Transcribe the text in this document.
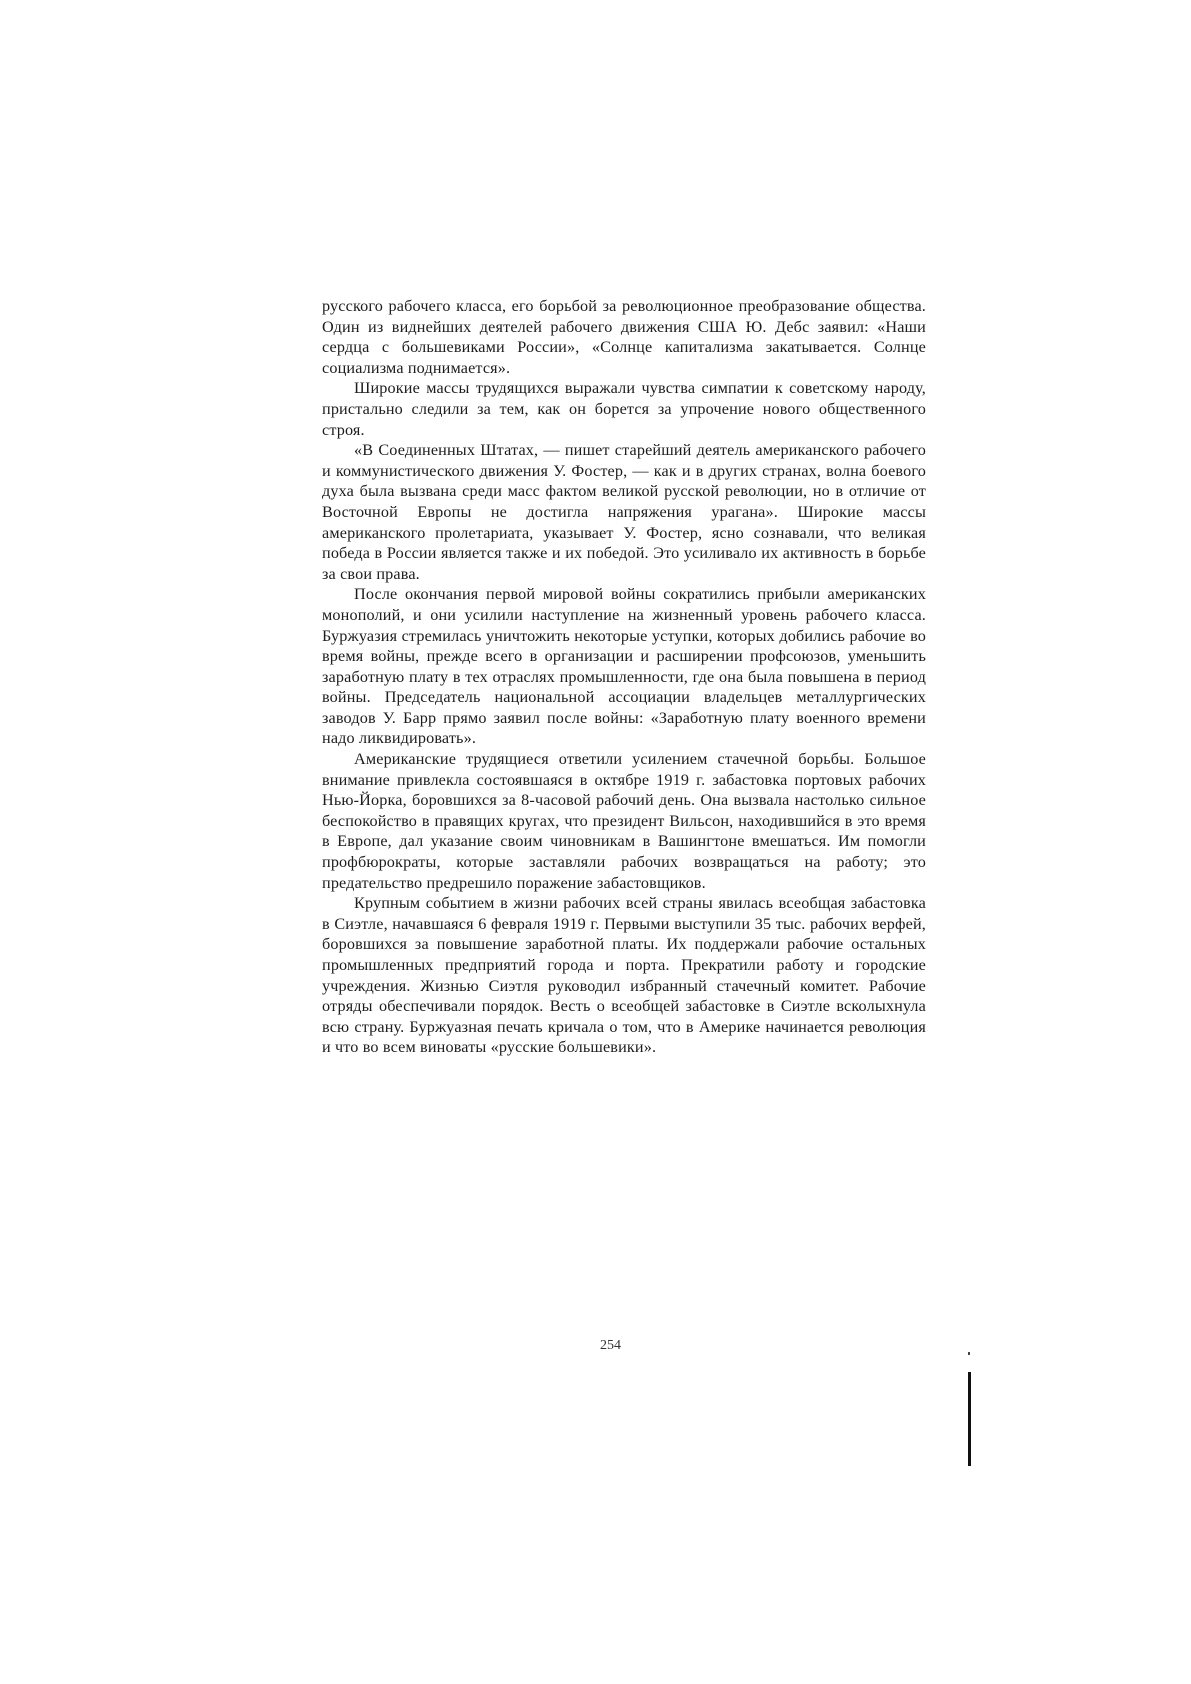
русского рабочего класса, его борьбой за революционное преобразование общества. Один из виднейших деятелей рабочего движения США Ю. Дебс заявил: «Наши сердца с большевиками России», «Солнце капитализма закатывается. Солнце социализма поднимается».

Широкие массы трудящихся выражали чувства симпатии к советскому народу, пристально следили за тем, как он борется за упрочение нового общественного строя.

«В Соединенных Штатах, — пишет старейший деятель американского рабочего и коммунистического движения У. Фостер, — как и в других странах, волна боевого духа была вызвана среди масс фактом великой русской революции, но в отличие от Восточной Европы не достигла напряжения урагана». Широкие массы американского пролетариата, указывает У. Фостер, ясно сознавали, что великая победа в России является также и их победой. Это усиливало их активность в борьбе за свои права.

После окончания первой мировой войны сократились прибыли американских монополий, и они усилили наступление на жизненный уровень рабочего класса. Буржуазия стремилась уничтожить некоторые уступки, которых добились рабочие во время войны, прежде всего в организации и расширении профсоюзов, уменьшить заработную плату в тех отраслях промышленности, где она была повышена в период войны. Председатель национальной ассоциации владельцев металлургических заводов У. Барр прямо заявил после войны: «Заработную плату военного времени надо ликвидировать».

Американские трудящиеся ответили усилением стачечной борьбы. Большое внимание привлекла состоявшаяся в октябре 1919 г. забастовка портовых рабочих Нью-Йорка, боровшихся за 8-часовой рабочий день. Она вызвала настолько сильное беспокойство в правящих кругах, что президент Вильсон, находившийся в это время в Европе, дал указание своим чиновникам в Вашингтоне вмешаться. Им помогли профбюрократы, которые заставляли рабочих возвращаться на работу; это предательство предрешило поражение забастовщиков.

Крупным событием в жизни рабочих всей страны явилась всеобщая забастовка в Сиэтле, начавшаяся 6 февраля 1919 г. Первыми выступили 35 тыс. рабочих верфей, боровшихся за повышение заработной платы. Их поддержали рабочие остальных промышленных предприятий города и порта. Прекратили работу и городские учреждения. Жизнью Сиэтля руководил избранный стачечный комитет. Рабочие отряды обеспечивали порядок. Весть о всеобщей забастовке в Сиэтле всколыхнула всю страну. Буржуазная печать кричала о том, что в Америке начинается революция и что во всем виноваты «русские большевики».

254
